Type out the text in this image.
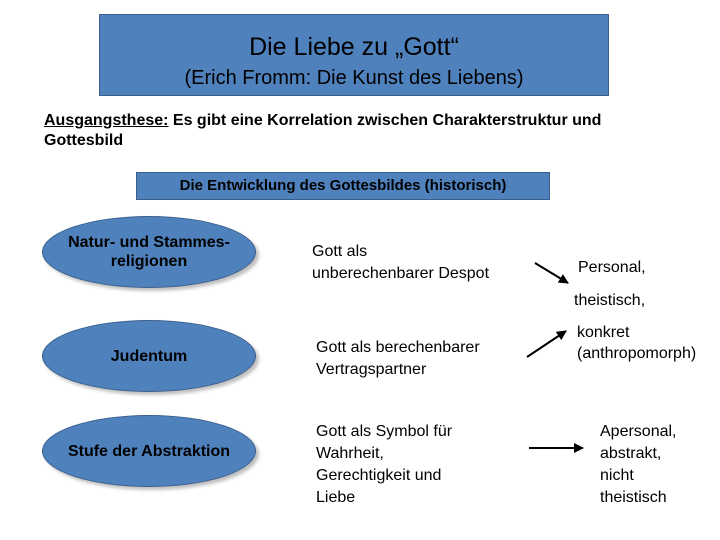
Die Liebe zu „Gott“
(Erich Fromm: Die Kunst des Liebens)
Ausgangsthese: Es gibt eine Korrelation zwischen Charakterstruktur und Gottesbild
Die Entwicklung des Gottesbildes (historisch)
Natur- und Stammes-
religionen
Judentum
Stufe der Abstraktion
Gott als
unberechenbarer Despot
Gott als berechenbarer
Vertragspartner
Gott als Symbol für
Wahrheit,
Gerechtigkeit und
Liebe
Personal,
theistisch,
konkret
(anthropomorph)
Apersonal,
abstrakt,
nicht
theistisch
